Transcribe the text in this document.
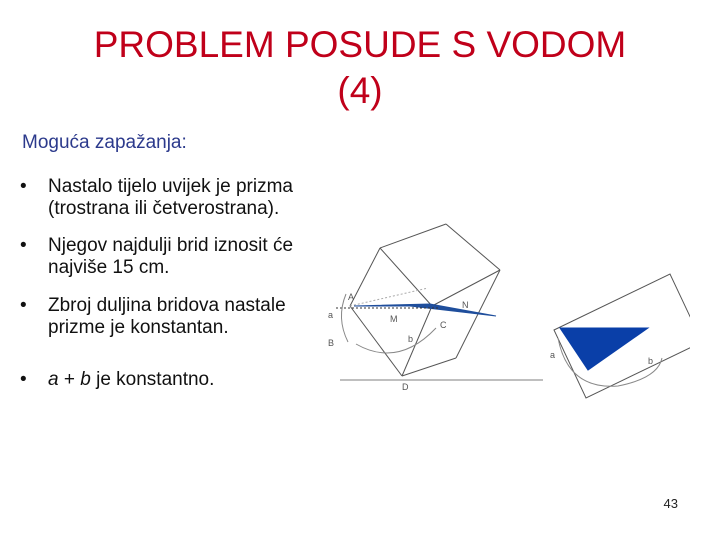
PROBLEM POSUDE S VODOM
(4)
Moguća zapažanja:
•	Nastalo tijelo uvijek je prizma (trostrana ili četverostrana).
•	Njegov najdulji brid iznosit će najviše 15 cm.
•	Zbroj duljina bridova nastale prizme je konstantan.
•	a + b je konstantno.
A
M
N
C
B
D
a
b
a
b
43
